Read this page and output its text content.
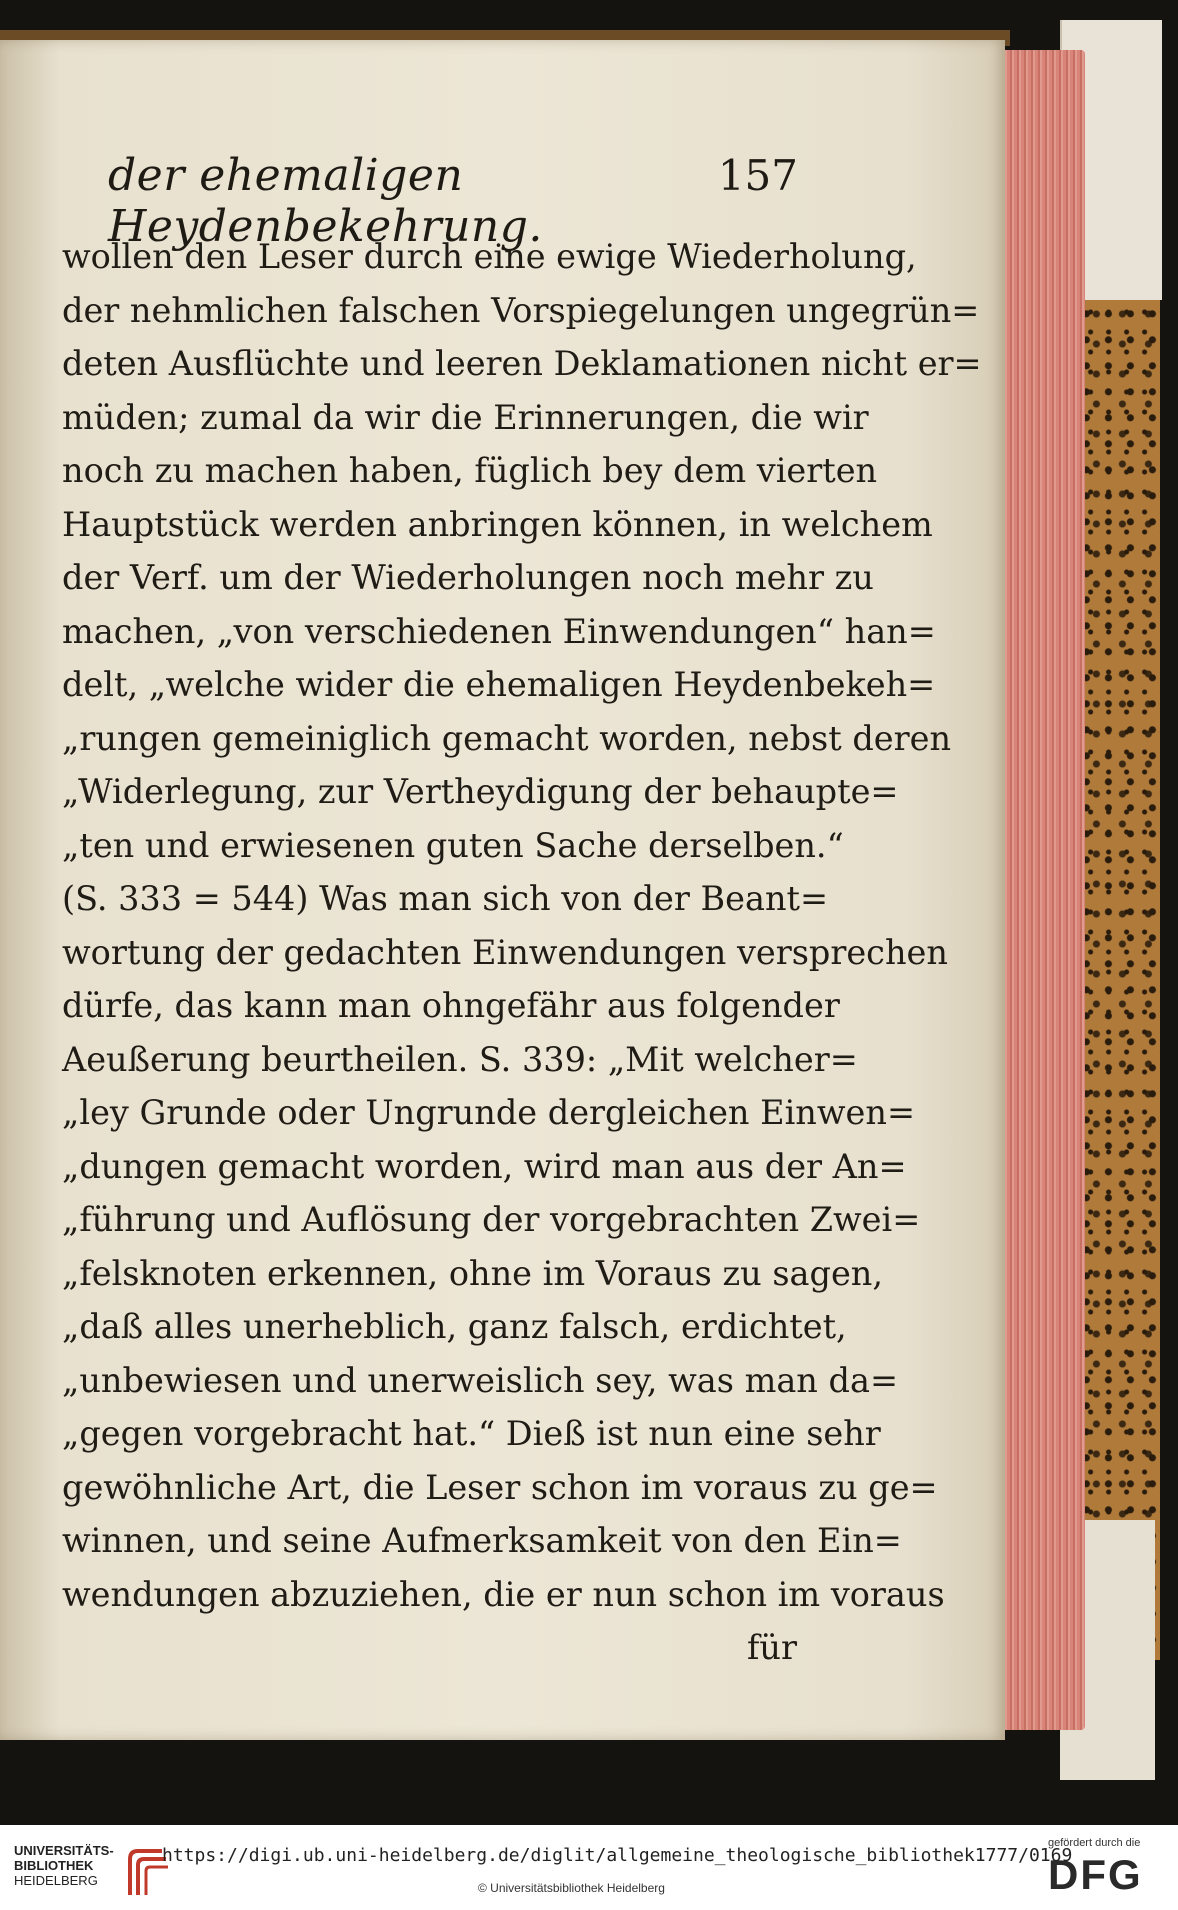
der ehemaligen Heydenbekehrung.
157
wollen den Leser durch eine ewige Wiederholung,
der nehmlichen falschen Vorspiegelungen ungegrün=
deten Ausflüchte und leeren Deklamationen nicht er=
müden; zumal da wir die Erinnerungen, die wir
noch zu machen haben, füglich bey dem vierten
Hauptstück werden anbringen können, in welchem
der Verf. um der Wiederholungen noch mehr zu
machen, „von verschiedenen Einwendungen“ han=
delt, „welche wider die ehemaligen Heydenbekeh=
„rungen gemeiniglich gemacht worden, nebst deren
„Widerlegung, zur Vertheydigung der behaupte=
„ten und erwiesenen guten Sache derselben.“
(S. 333 = 544) Was man sich von der Beant=
wortung der gedachten Einwendungen versprechen
dürfe, das kann man ohngefähr aus folgender
Aeußerung beurtheilen. S. 339: „Mit welcher=
„ley Grunde oder Ungrunde dergleichen Einwen=
„dungen gemacht worden, wird man aus der An=
„führung und Auflösung der vorgebrachten Zwei=
„felsknoten erkennen, ohne im Voraus zu sagen,
„daß alles unerheblich, ganz falsch, erdichtet,
„unbewiesen und unerweislich sey, was man da=
„gegen vorgebracht hat.“ Dieß ist nun eine sehr
gewöhnliche Art, die Leser schon im voraus zu ge=
winnen, und seine Aufmerksamkeit von den Ein=
wendungen abzuziehen, die er nun schon im voraus
für
UNIVERSITÄTS-
BIBLIOTHEK
HEIDELBERG
https://digi.ub.uni-heidelberg.de/diglit/allgemeine_theologische_bibliothek1777/0169
© Universitätsbibliothek Heidelberg
gefördert durch die
DFG
